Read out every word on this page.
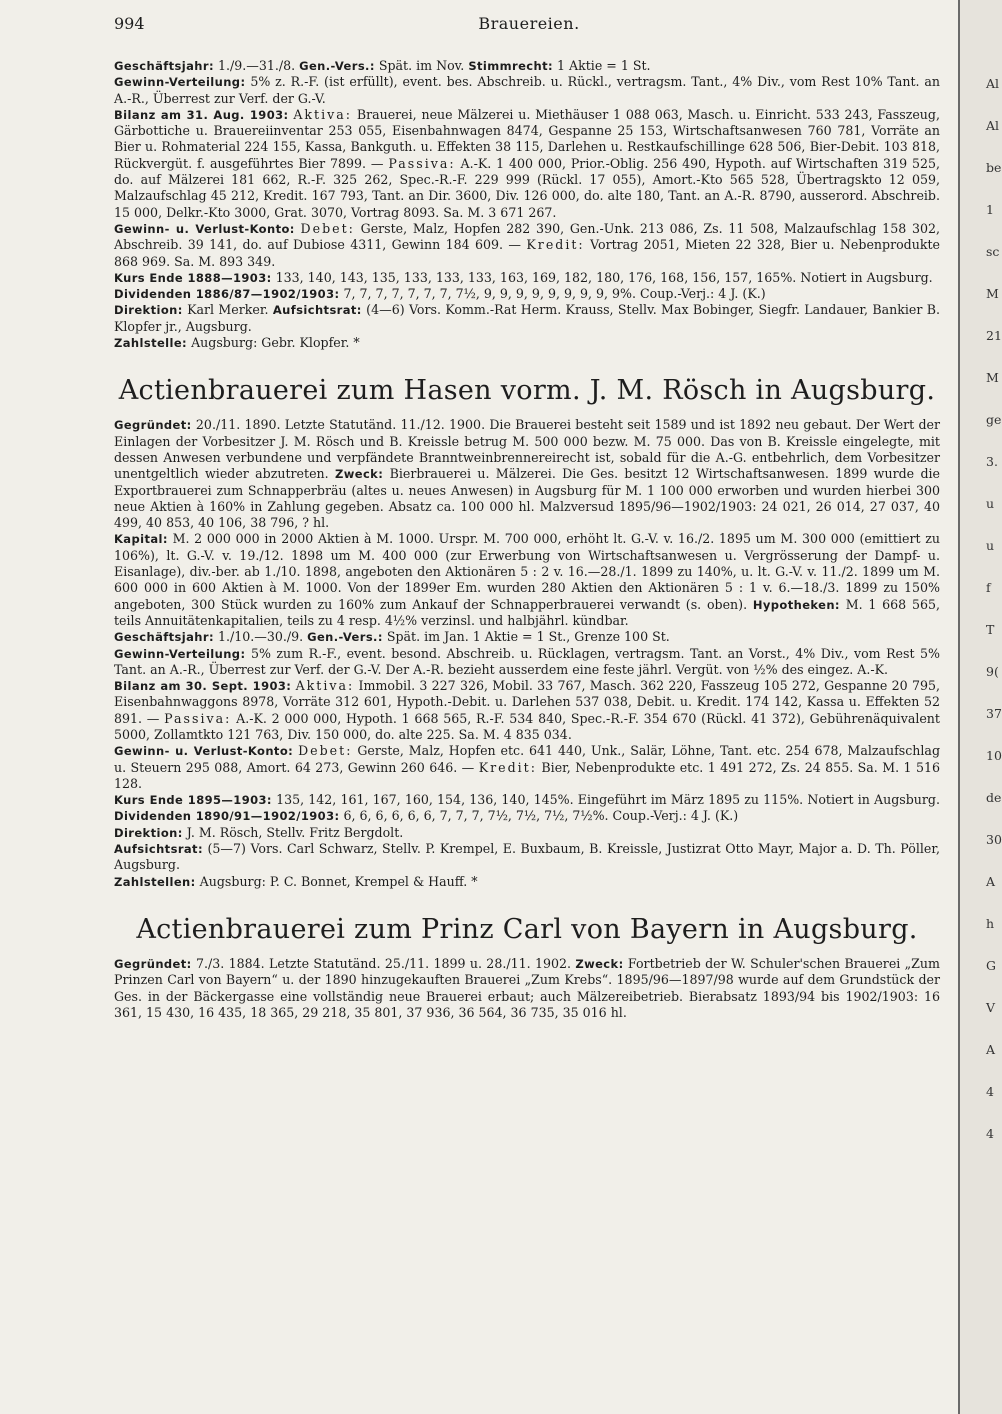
994	Brauereien.

Geschäftsjahr: 1./9.—31./8. Gen.-Vers.: Spät. im Nov. Stimmrecht: 1 Aktie = 1 St.

Gewinn-Verteilung: 5% z. R.-F. (ist erfüllt), event. bes. Abschreib. u. Rückl., vertragsm. Tant., 4% Div., vom Rest 10% Tant. an A.-R., Überrest zur Verf. der G.-V.

Bilanz am 31. Aug. 1903: Aktiva: Brauerei, neue Mälzerei u. Miethäuser 1 088 063, Masch. u. Einricht. 533 243, Fasszeug, Gärbottiche u. Brauereiinventar 253 055, Eisenbahnwagen 8474, Gespanne 25 153, Wirtschaftsanwesen 760 781, Vorräte an Bier u. Rohmaterial 224 155, Kassa, Bankguth. u. Effekten 38 115, Darlehen u. Restkaufschillinge 628 506, Bier-Debit. 103 818, Rückvergüt. f. ausgeführtes Bier 7899. — Passiva: A.-K. 1 400 000, Prior.-Oblig. 256 490, Hypoth. auf Wirtschaften 319 525, do. auf Mälzerei 181 662, R.-F. 325 262, Spec.-R.-F. 229 999 (Rückl. 17 055), Amort.-Kto 565 528, Übertragskto 12 059, Malzaufschlag 45 212, Kredit. 167 793, Tant. an Dir. 3600, Div. 126 000, do. alte 180, Tant. an A.-R. 8790, ausserord. Abschreib. 15 000, Delkr.-Kto 3000, Grat. 3070, Vortrag 8093. Sa. M. 3 671 267.

Gewinn- u. Verlust-Konto: Debet: Gerste, Malz, Hopfen 282 390, Gen.-Unk. 213 086, Zs. 11 508, Malzaufschlag 158 302, Abschreib. 39 141, do. auf Dubiose 4311, Gewinn 184 609. — Kredit: Vortrag 2051, Mieten 22 328, Bier u. Nebenprodukte 868 969. Sa. M. 893 349.

Kurs Ende 1888—1903: 133, 140, 143, 135, 133, 133, 133, 163, 169, 182, 180, 176, 168, 156, 157, 165%. Notiert in Augsburg.

Dividenden 1886/87—1902/1903: 7, 7, 7, 7, 7, 7, 7, 7½, 9, 9, 9, 9, 9, 9, 9, 9, 9%. Coup.-Verj.: 4 J. (K.)

Direktion: Karl Merker. Aufsichtsrat: (4—6) Vors. Komm.-Rat Herm. Krauss, Stellv. Max Bobinger, Siegfr. Landauer, Bankier B. Klopfer jr., Augsburg.

Zahlstelle: Augsburg: Gebr. Klopfer. *

Actienbrauerei zum Hasen vorm. J. M. Rösch in Augsburg.

Gegründet: 20./11. 1890. Letzte Statutänd. 11./12. 1900. Die Brauerei besteht seit 1589 und ist 1892 neu gebaut. Der Wert der Einlagen der Vorbesitzer J. M. Rösch und B. Kreissle betrug M. 500 000 bezw. M. 75 000. Das von B. Kreissle eingelegte, mit dessen Anwesen verbundene und verpfändete Branntweinbrennereirecht ist, sobald für die A.-G. entbehrlich, dem Vorbesitzer unentgeltlich wieder abzutreten. Zweck: Bierbrauerei u. Mälzerei. Die Ges. besitzt 12 Wirtschaftsanwesen. 1899 wurde die Exportbrauerei zum Schnapperbräu (altes u. neues Anwesen) in Augsburg für M. 1 100 000 erworben und wurden hierbei 300 neue Aktien à 160% in Zahlung gegeben. Absatz ca. 100 000 hl. Malzversud 1895/96—1902/1903: 24 021, 26 014, 27 037, 40 499, 40 853, 40 106, 38 796, ? hl.

Kapital: M. 2 000 000 in 2000 Aktien à M. 1000. Urspr. M. 700 000, erhöht lt. G.-V. v. 16./2. 1895 um M. 300 000 (emittiert zu 106%), lt. G.-V. v. 19./12. 1898 um M. 400 000 (zur Erwerbung von Wirtschaftsanwesen u. Vergrösserung der Dampf- u. Eisanlage), div.-ber. ab 1./10. 1898, angeboten den Aktionären 5 : 2 v. 16.—28./1. 1899 zu 140%, u. lt. G.-V. v. 11./2. 1899 um M. 600 000 in 600 Aktien à M. 1000. Von der 1899er Em. wurden 280 Aktien den Aktionären 5 : 1 v. 6.—18./3. 1899 zu 150% angeboten, 300 Stück wurden zu 160% zum Ankauf der Schnapperbrauerei verwandt (s. oben). Hypotheken: M. 1 668 565, teils Annuitätenkapitalien, teils zu 4 resp. 4½% verzinsl. und halbjährl. kündbar.

Geschäftsjahr: 1./10.—30./9. Gen.-Vers.: Spät. im Jan. 1 Aktie = 1 St., Grenze 100 St.

Gewinn-Verteilung: 5% zum R.-F., event. besond. Abschreib. u. Rücklagen, vertragsm. Tant. an Vorst., 4% Div., vom Rest 5% Tant. an A.-R., Überrest zur Verf. der G.-V. Der A.-R. bezieht ausserdem eine feste jährl. Vergüt. von ½% des eingez. A.-K.

Bilanz am 30. Sept. 1903: Aktiva: Immobil. 3 227 326, Mobil. 33 767, Masch. 362 220, Fasszeug 105 272, Gespanne 20 795, Eisenbahnwaggons 8978, Vorräte 312 601, Hypoth.-Debit. u. Darlehen 537 038, Debit. u. Kredit. 174 142, Kassa u. Effekten 52 891. — Passiva: A.-K. 2 000 000, Hypoth. 1 668 565, R.-F. 534 840, Spec.-R.-F. 354 670 (Rückl. 41 372), Gebührenäquivalent 5000, Zollamtkto 121 763, Div. 150 000, do. alte 225. Sa. M. 4 835 034.

Gewinn- u. Verlust-Konto: Debet: Gerste, Malz, Hopfen etc. 641 440, Unk., Salär, Löhne, Tant. etc. 254 678, Malzaufschlag u. Steuern 295 088, Amort. 64 273, Gewinn 260 646. — Kredit: Bier, Nebenprodukte etc. 1 491 272, Zs. 24 855. Sa. M. 1 516 128.

Kurs Ende 1895—1903: 135, 142, 161, 167, 160, 154, 136, 140, 145%. Eingeführt im März 1895 zu 115%. Notiert in Augsburg. Dividenden 1890/91—1902/1903: 6, 6, 6, 6, 6, 6, 7, 7, 7, 7½, 7½, 7½, 7½%. Coup.-Verj.: 4 J. (K.)

Direktion: J. M. Rösch, Stellv. Fritz Bergdolt.

Aufsichtsrat: (5—7) Vors. Carl Schwarz, Stellv. P. Krempel, E. Buxbaum, B. Kreissle, Justizrat Otto Mayr, Major a. D. Th. Pöller, Augsburg.

Zahlstellen: Augsburg: P. C. Bonnet, Krempel & Hauff. *

Actienbrauerei zum Prinz Carl von Bayern in Augsburg.

Gegründet: 7./3. 1884. Letzte Statutänd. 25./11. 1899 u. 28./11. 1902. Zweck: Fortbetrieb der W. Schuler'schen Brauerei „Zum Prinzen Carl von Bayern“ u. der 1890 hinzugekauften Brauerei „Zum Krebs“. 1895/96—1897/98 wurde auf dem Grundstück der Ges. in der Bäckergasse eine vollständig neue Brauerei erbaut; auch Mälzereibetrieb. Bierabsatz 1893/94 bis 1902/1903: 16 361, 15 430, 16 435, 18 365, 29 218, 35 801, 37 936, 36 564, 36 735, 35 016 hl.

Al
Al
be
1
sc
M
21
M
ge
3.
u
u
f
T
9(
37
10
de
30
A
h
G
V
A
4
4
